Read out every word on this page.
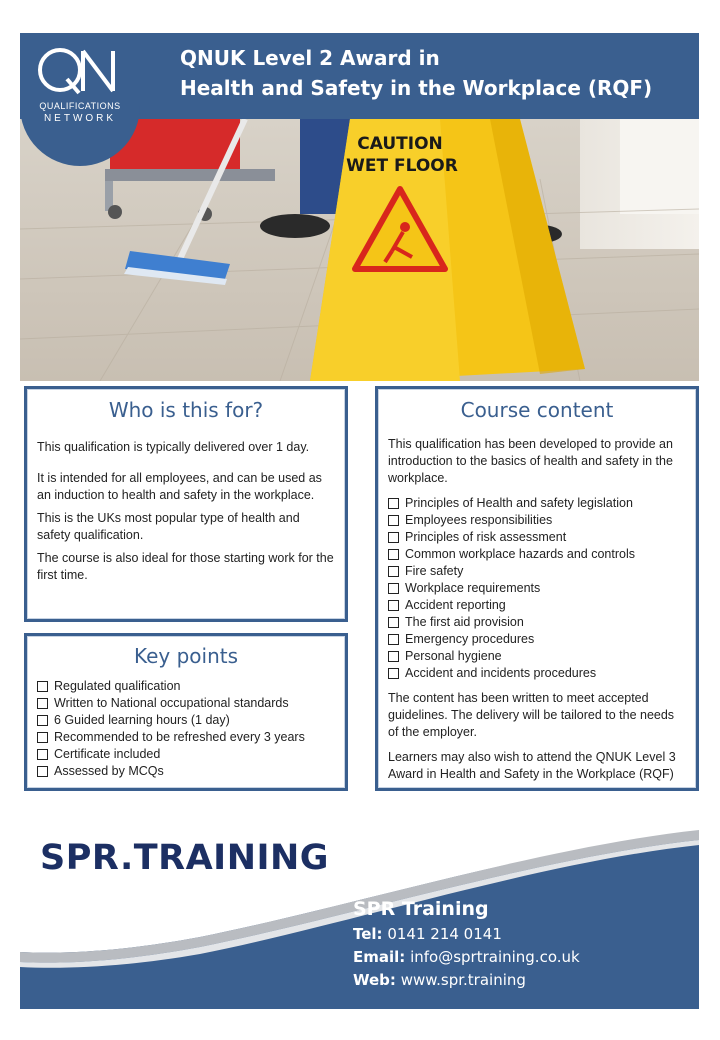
QNUK Level 2 Award in
Health and Safety in the Workplace (RQF)
CAUTION
WET FLOOR
QUALIFICATIONS
NETWORK
Who is this for?

This qualification is typically delivered over 1 day.

It is intended for all employees, and can be used as an induction to health and safety in the workplace.

This is the UKs most popular type of health and safety qualification.

The course is also ideal for those starting work for the first time.

Key points
Regulated qualification
Written to National occupational standards
6 Guided learning hours (1 day)
Recommended to be refreshed every 3 years
Certificate included
Assessed by MCQs
Course content

This qualification has been developed to provide an introduction to the basics of health and safety in the workplace.

Principles of Health and safety legislation
Employees responsibilities
Principles of risk assessment
Common workplace hazards and controls
Fire safety
Workplace requirements
Accident reporting
The first aid provision
Emergency procedures
Personal hygiene
Accident and incidents procedures

The content has been written to meet accepted guidelines. The delivery will be tailored to the needs of the employer.

Learners may also wish to attend the QNUK Level 3 Award in Health and Safety in the Workplace (RQF)

SPR.TRAINING
SPR Training
Tel: 0141 214 0141
Email: info@sprtraining.co.uk
Web: www.spr.training
